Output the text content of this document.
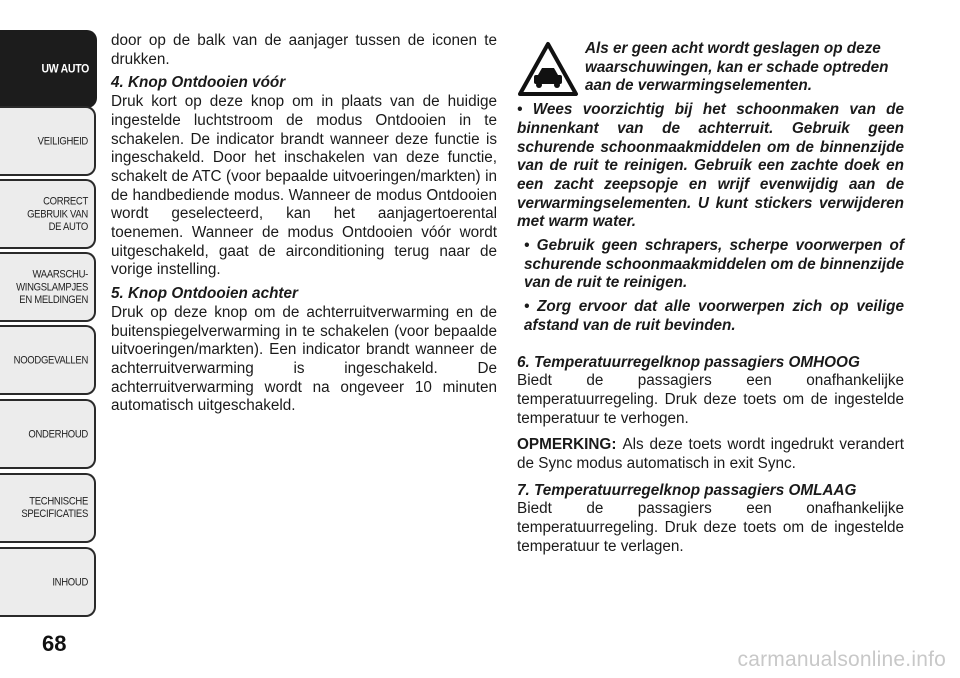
UW AUTO
VEILIGHEID
CORRECT
GEBRUIK VAN
DE AUTO
WAARSCHU-
WINGSLAMPJES
EN MELDINGEN
NOODGEVALLEN
ONDERHOUD
TECHNISCHE
SPECIFICATIES
INHOUD
68

door op de balk van de aanjager tussen de iconen te drukken.

4. Knop Ontdooien vóór

Druk kort op deze knop om in plaats van de huidige ingestelde luchtstroom de modus Ontdooien in te schakelen. De indicator brandt wanneer deze functie is ingeschakeld. Door het inschakelen van deze functie, schakelt de ATC (voor bepaalde uitvoeringen/markten) in de handbediende modus. Wanneer de modus Ontdooien wordt geselecteerd, kan het aanjagertoerental toenemen. Wanneer de modus Ontdooien vóór wordt uitgeschakeld, gaat de airconditioning terug naar de vorige instelling.

5. Knop Ontdooien achter

Druk op deze knop om de achterruitverwarming en de buitenspiegelverwarming in te schakelen (voor bepaalde uitvoeringen/markten). Een indicator brandt wanneer de achterruitverwarming is ingeschakeld. De achterruitverwarming wordt na ongeveer 10 minuten automatisch uitgeschakeld.

Als er geen acht wordt geslagen op deze waarschuwingen, kan er schade optreden aan de verwarmingselementen.

• Wees voorzichtig bij het schoonmaken van de binnenkant van de achterruit. Gebruik geen schurende schoonmaakmiddelen om de binnenzijde van de ruit te reinigen. Gebruik een zachte doek en een zacht zeepsopje en wrijf evenwijdig aan de verwarmingselementen. U kunt stickers verwijderen met warm water.

• Gebruik geen schrapers, scherpe voorwerpen of schurende schoonmaakmiddelen om de binnenzijde van de ruit te reinigen.

• Zorg ervoor dat alle voorwerpen zich op veilige afstand van de ruit bevinden.

6. Temperatuurregelknop passagiers OMHOOG

Biedt de passagiers een onafhankelijke temperatuurregeling. Druk deze toets om de ingestelde temperatuur te verhogen.

OPMERKING: Als deze toets wordt ingedrukt verandert de Sync modus automatisch in exit Sync.

7. Temperatuurregelknop passagiers OMLAAG

Biedt de passagiers een onafhankelijke temperatuurregeling. Druk deze toets om de ingestelde temperatuur te verlagen.

carmanualsonline.info
